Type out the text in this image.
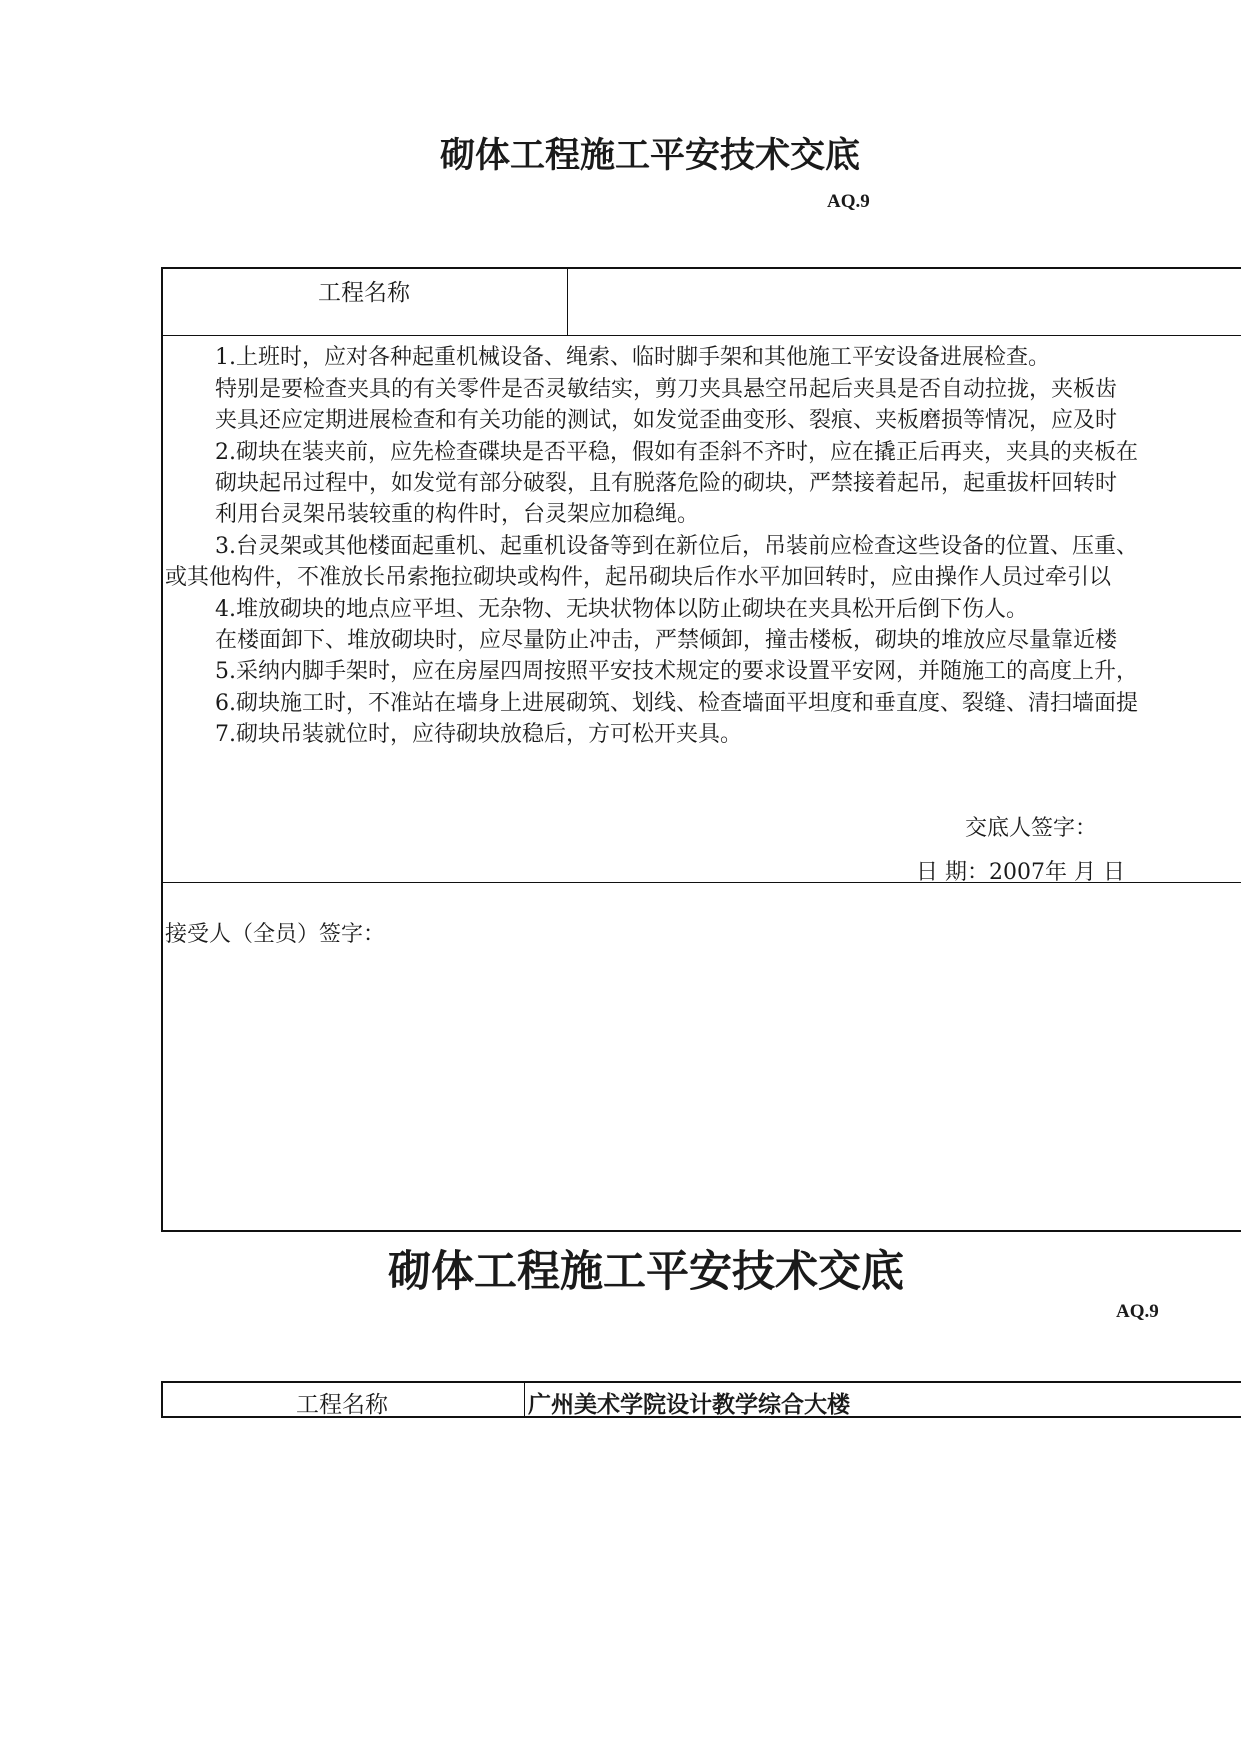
砌体工程施工平安技术交底
AQ.9
工程名称
1.上班时，应对各种起重机械设备、绳索、临时脚手架和其他施工平安设备进展检查。
特别是要检查夹具的有关零件是否灵敏结实，剪刀夹具悬空吊起后夹具是否自动拉拢，夹板齿
夹具还应定期进展检查和有关功能的测试，如发觉歪曲变形、裂痕、夹板磨损等情况，应及时
2.砌块在装夹前，应先检查碟块是否平稳，假如有歪斜不齐时，应在撬正后再夹，夹具的夹板在
砌块起吊过程中，如发觉有部分破裂，且有脱落危险的砌块，严禁接着起吊，起重拔杆回转时
利用台灵架吊装较重的构件时，台灵架应加稳绳。
3.台灵架或其他楼面起重机、起重机设备等到在新位后，吊装前应检查这些设备的位置、压重、
或其他构件，不准放长吊索拖拉砌块或构件，起吊砌块后作水平加回转时，应由操作人员过牵引以
4.堆放砌块的地点应平坦、无杂物、无块状物体以防止砌块在夹具松开后倒下伤人。
在楼面卸下、堆放砌块时，应尽量防止冲击，严禁倾卸，撞击楼板，砌块的堆放应尽量靠近楼
5.采纳内脚手架时，应在房屋四周按照平安技术规定的要求设置平安网，并随施工的高度上升，
6.砌块施工时，不准站在墙身上进展砌筑、划线、检查墙面平坦度和垂直度、裂缝、清扫墙面提
7.砌块吊装就位时，应待砌块放稳后，方可松开夹具。
交底人签字：
日 期：2007年 月 日
接受人（全员）签字：
砌体工程施工平安技术交底
AQ.9
工程名称	广州美术学院设计教学综合大楼
